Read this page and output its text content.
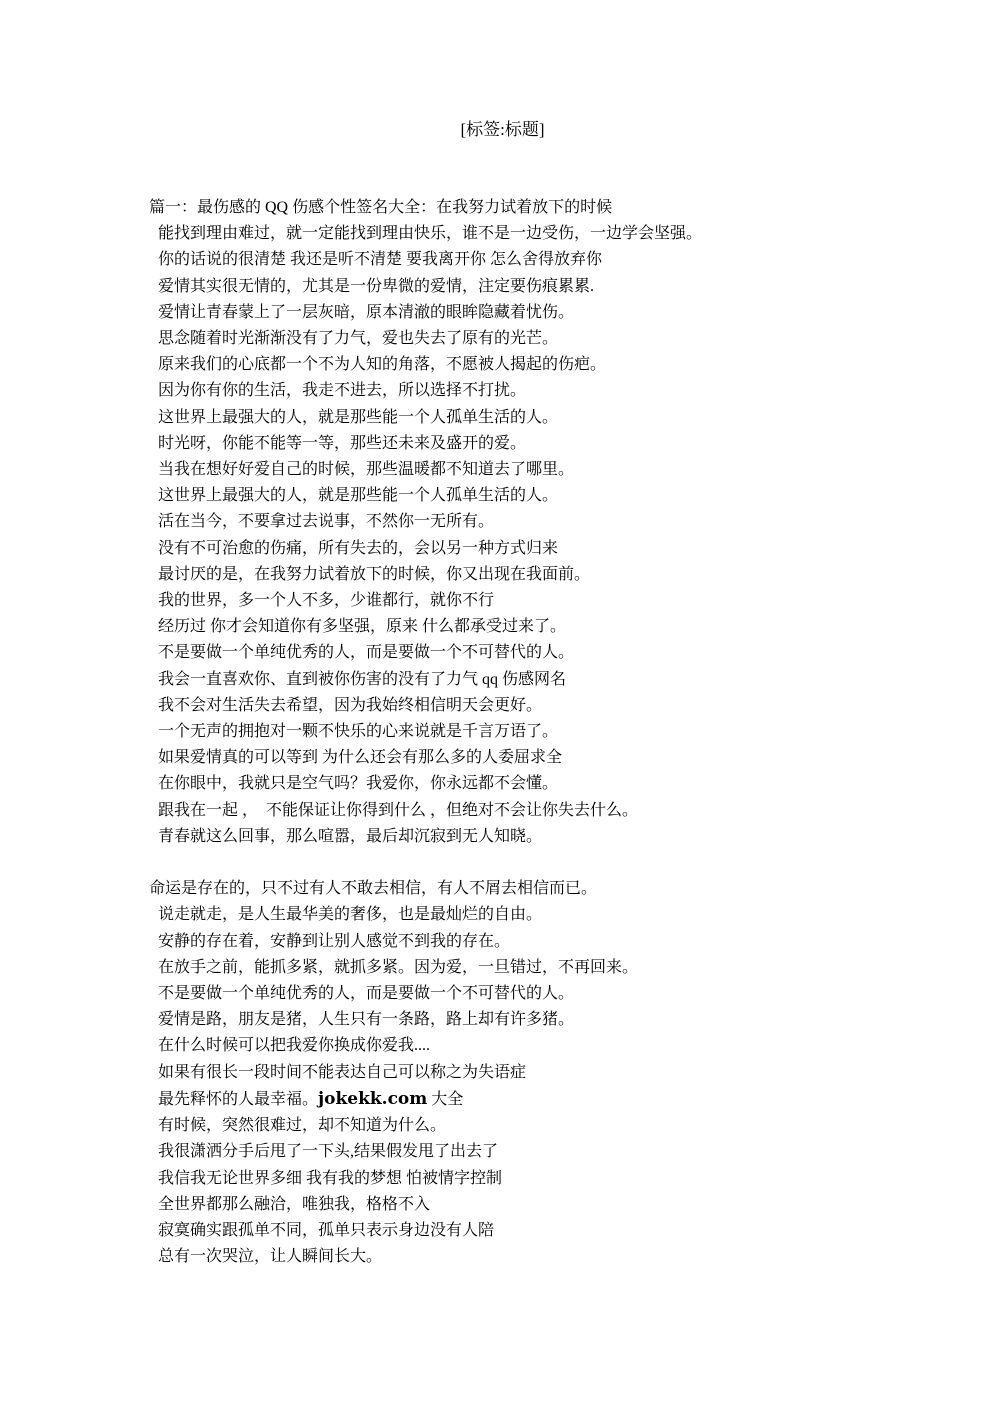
[标签:标题]

篇一：最伤感的 QQ 伤感个性签名大全：在我努力试着放下的时候

能找到理由难过，就一定能找到理由快乐，谁不是一边受伤，一边学会坚强。

你的话说的很清楚 我还是听不清楚 要我离开你 怎么舍得放弃你

爱情其实很无情的，尤其是一份卑微的爱情，注定要伤痕累累.

爱情让青春蒙上了一层灰暗，原本清澈的眼眸隐藏着忧伤。

思念随着时光渐渐没有了力气，爱也失去了原有的光芒。

原来我们的心底都一个不为人知的角落，不愿被人揭起的伤疤。

因为你有你的生活，我走不进去，所以选择不打扰。

这世界上最强大的人，就是那些能一个人孤单生活的人。

时光呀，你能不能等一等，那些还未来及盛开的爱。

当我在想好好爱自己的时候，那些温暖都不知道去了哪里。

这世界上最强大的人，就是那些能一个人孤单生活的人。

活在当今，不要拿过去说事，不然你一无所有。

没有不可治愈的伤痛，所有失去的，会以另一种方式归来

最讨厌的是，在我努力试着放下的时候，你又出现在我面前。

我的世界，多一个人不多，少谁都行，就你不行

经历过 你才会知道你有多坚强，原来 什么都承受过来了。

不是要做一个单纯优秀的人，而是要做一个不可替代的人。

我会一直喜欢你、直到被你伤害的没有了力气 qq 伤感网名

我不会对生活失去希望，因为我始终相信明天会更好。

一个无声的拥抱对一颗不快乐的心来说就是千言万语了。

如果爱情真的可以等到 为什么还会有那么多的人委屈求全

在你眼中，我就只是空气吗？我爱你，你永远都不会懂。

跟我在一起 ，  不能保证让你得到什么 ，但绝对不会让你失去什么。

青春就这么回事，那么喧嚣，最后却沉寂到无人知晓。

命运是存在的，只不过有人不敢去相信，有人不屑去相信而已。

说走就走，是人生最华美的奢侈，也是最灿烂的自由。

安静的存在着，安静到让别人感觉不到我的存在。

在放手之前，能抓多紧，就抓多紧。因为爱，一旦错过，不再回来。

不是要做一个单纯优秀的人，而是要做一个不可替代的人。

爱情是路，朋友是猪，人生只有一条路，路上却有许多猪。

在什么时候可以把我爱你换成你爱我....

如果有很长一段时间不能表达自己可以称之为失语症

最先释怀的人最幸福。jokekk.com 大全

有时候，突然很难过，却不知道为什么。

我很潇洒分手后甩了一下头,结果假发甩了出去了

我信我无论世界多细 我有我的梦想 怕被情字控制

全世界都那么融洽，唯独我，格格不入

寂寞确实跟孤单不同，孤单只表示身边没有人陪

总有一次哭泣，让人瞬间长大。
